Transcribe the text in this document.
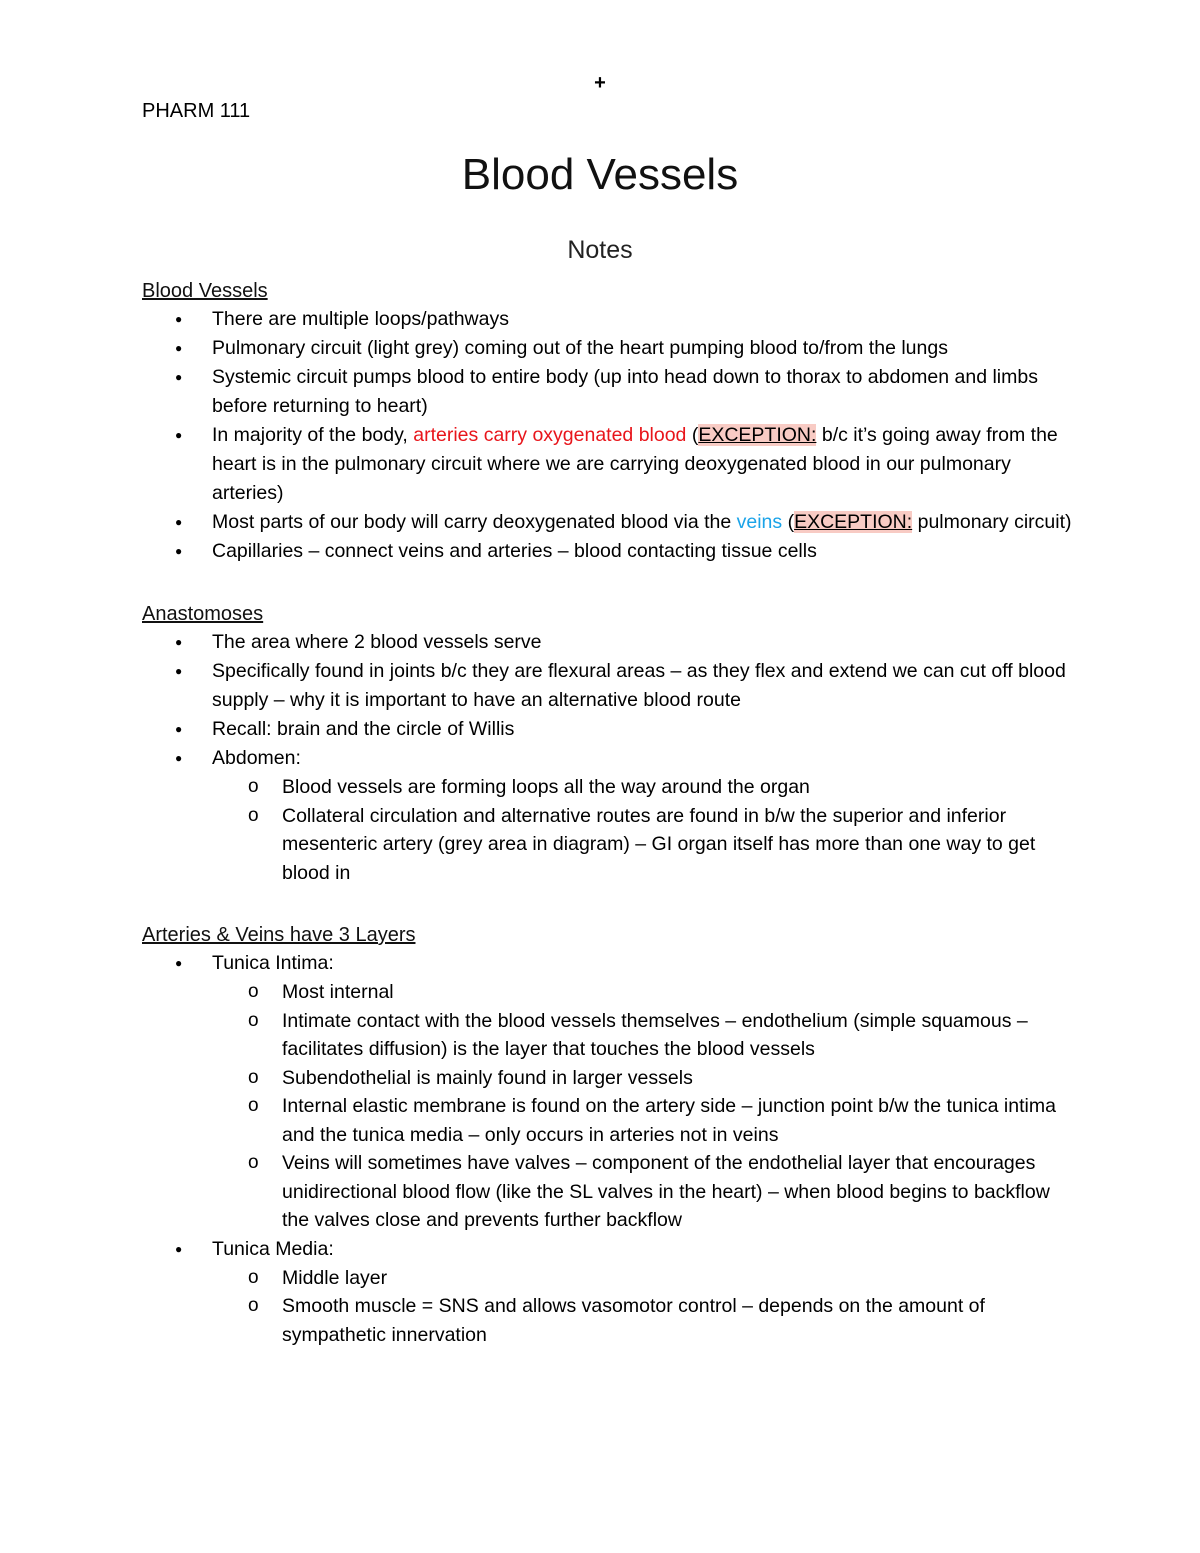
+
PHARM 111
Blood Vessels
Notes
Blood Vessels
● There are multiple loops/pathways
● Pulmonary circuit (light grey) coming out of the heart pumping blood to/from the lungs
● Systemic circuit pumps blood to entire body (up into head down to thorax to abdomen and limbs before returning to heart)
● In majority of the body, arteries carry oxygenated blood (EXCEPTION: b/c it’s going away from the heart is in the pulmonary circuit where we are carrying deoxygenated blood in our pulmonary arteries)
● Most parts of our body will carry deoxygenated blood via the veins (EXCEPTION: pulmonary circuit)
● Capillaries – connect veins and arteries – blood contacting tissue cells
Anastomoses
● The area where 2 blood vessels serve
● Specifically found in joints b/c they are flexural areas – as they flex and extend we can cut off blood supply – why it is important to have an alternative blood route
● Recall: brain and the circle of Willis
● Abdomen:
o Blood vessels are forming loops all the way around the organ
o Collateral circulation and alternative routes are found in b/w the superior and inferior mesenteric artery (grey area in diagram) – GI organ itself has more than one way to get blood in
Arteries & Veins have 3 Layers
● Tunica Intima:
o Most internal
o Intimate contact with the blood vessels themselves – endothelium (simple squamous – facilitates diffusion) is the layer that touches the blood vessels
o Subendothelial is mainly found in larger vessels
o Internal elastic membrane is found on the artery side – junction point b/w the tunica intima and the tunica media – only occurs in arteries not in veins
o Veins will sometimes have valves – component of the endothelial layer that encourages unidirectional blood flow (like the SL valves in the heart) – when blood begins to backflow the valves close and prevents further backflow
● Tunica Media:
o Middle layer
o Smooth muscle = SNS and allows vasomotor control – depends on the amount of sympathetic innervation
